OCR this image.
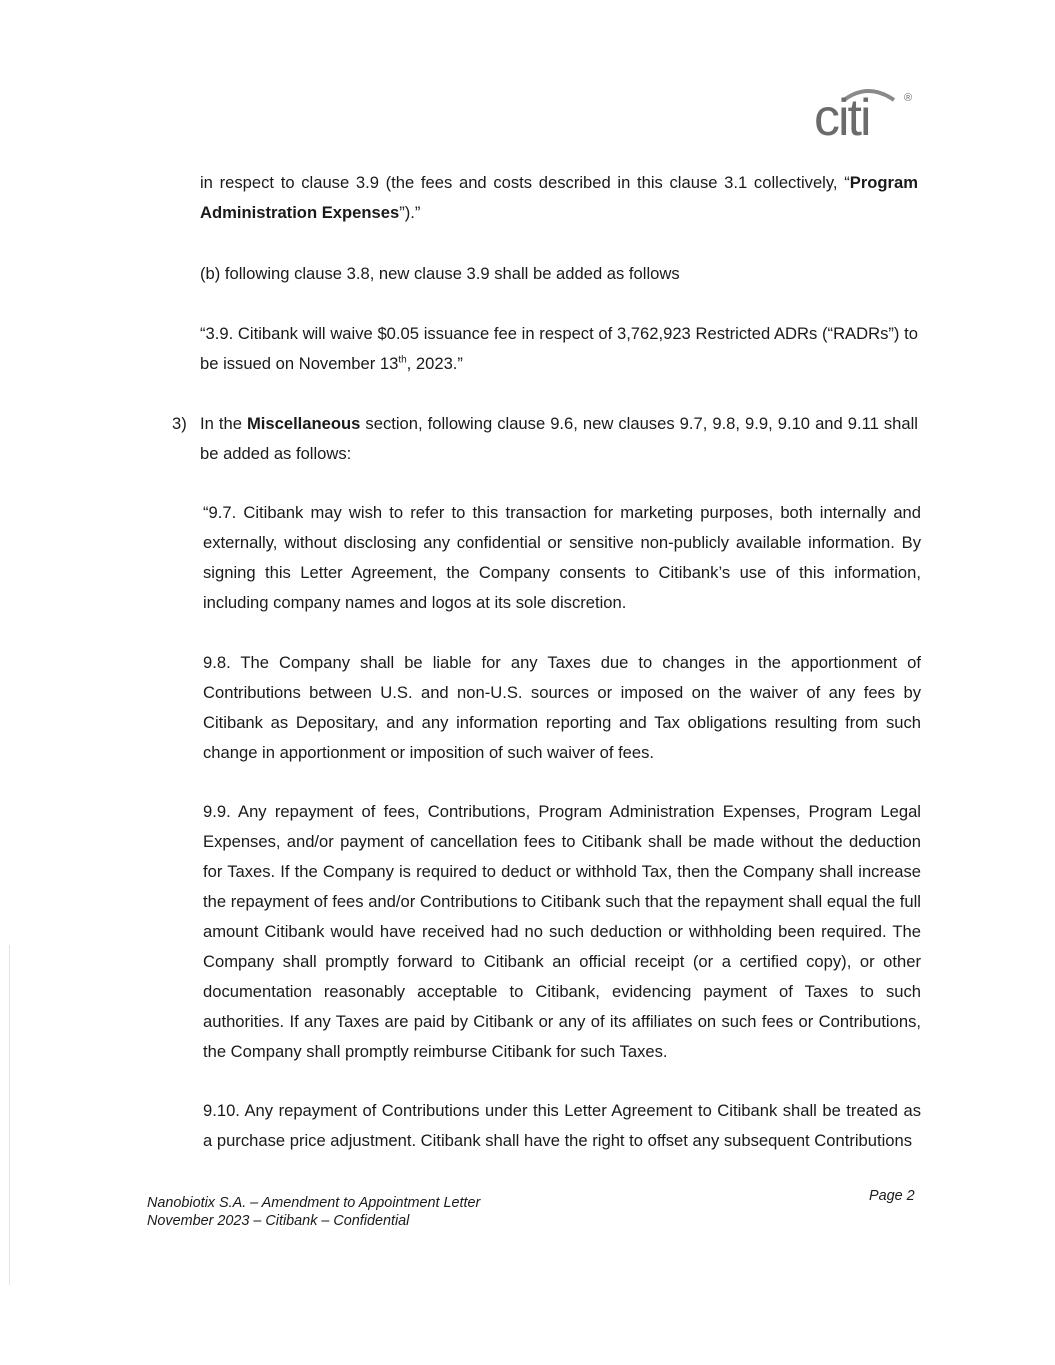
citi	®

in respect to clause 3.9 (the fees and costs described in this clause 3.1 collectively, “Program Administration Expenses”).”

(b) following clause 3.8, new clause 3.9 shall be added as follows

“3.9. Citibank will waive $0.05 issuance fee in respect of 3,762,923 Restricted ADRs (“RADRs”) to be issued on November 13th, 2023.”

3) In the Miscellaneous section, following clause 9.6, new clauses 9.7, 9.8, 9.9, 9.10 and 9.11 shall be added as follows:

“9.7. Citibank may wish to refer to this transaction for marketing purposes, both internally and externally, without disclosing any confidential or sensitive non-publicly available information. By signing this Letter Agreement, the Company consents to Citibank’s use of this information, including company names and logos at its sole discretion.

9.8. The Company shall be liable for any Taxes due to changes in the apportionment of Contributions between U.S. and non-U.S. sources or imposed on the waiver of any fees by Citibank as Depositary, and any information reporting and Tax obligations resulting from such change in apportionment or imposition of such waiver of fees.

9.9. Any repayment of fees, Contributions, Program Administration Expenses, Program Legal Expenses, and/or payment of cancellation fees to Citibank shall be made without the deduction for Taxes. If the Company is required to deduct or withhold Tax, then the Company shall increase the repayment of fees and/or Contributions to Citibank such that the repayment shall equal the full amount Citibank would have received had no such deduction or withholding been required. The Company shall promptly forward to Citibank an official receipt (or a certified copy), or other documentation reasonably acceptable to Citibank, evidencing payment of Taxes to such authorities. If any Taxes are paid by Citibank or any of its affiliates on such fees or Contributions, the Company shall promptly reimburse Citibank for such Taxes.

9.10. Any repayment of Contributions under this Letter Agreement to Citibank shall be treated as a purchase price adjustment. Citibank shall have the right to offset any subsequent Contributions

Nanobiotix S.A. – Amendment to Appointment Letter
November 2023 – Citibank – Confidential
Page 2
